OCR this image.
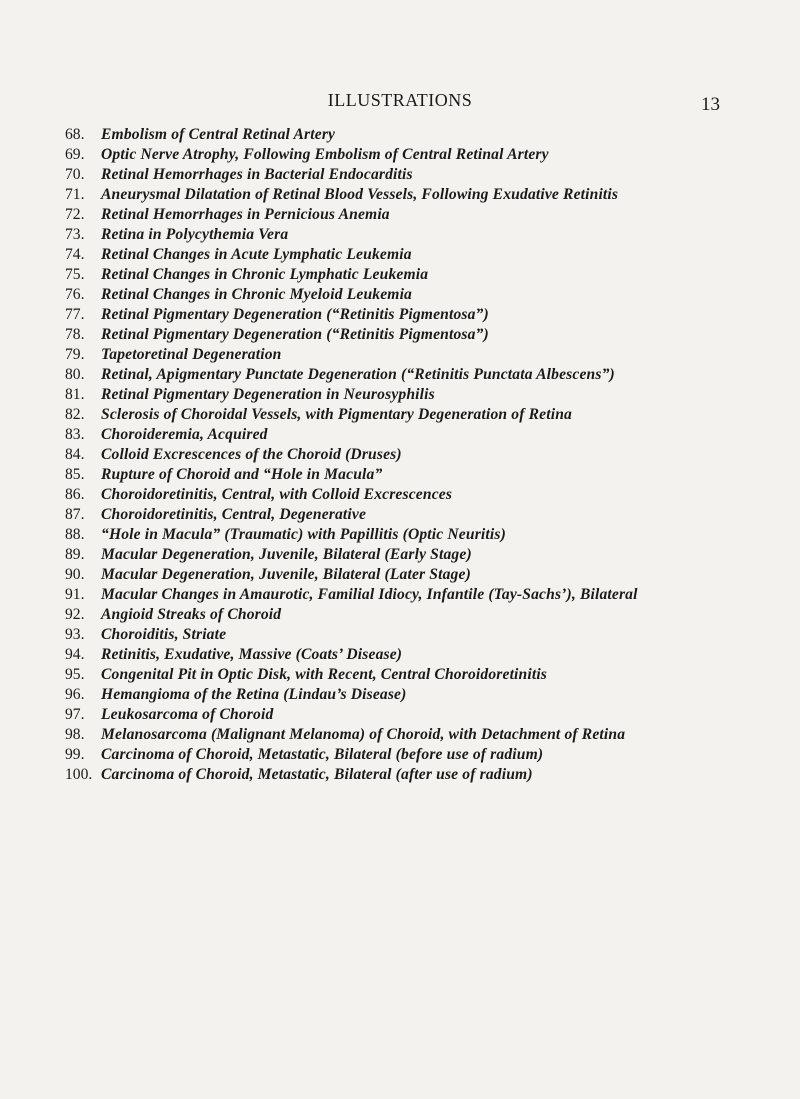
ILLUSTRATIONS	13
68. Embolism of Central Retinal Artery
69. Optic Nerve Atrophy, Following Embolism of Central Retinal Artery
70. Retinal Hemorrhages in Bacterial Endocarditis
71. Aneurysmal Dilatation of Retinal Blood Vessels, Following Exudative Retinitis
72. Retinal Hemorrhages in Pernicious Anemia
73. Retina in Polycythemia Vera
74. Retinal Changes in Acute Lymphatic Leukemia
75. Retinal Changes in Chronic Lymphatic Leukemia
76. Retinal Changes in Chronic Myeloid Leukemia
77. Retinal Pigmentary Degeneration (“Retinitis Pigmentosa”)
78. Retinal Pigmentary Degeneration (“Retinitis Pigmentosa”)
79. Tapetoretinal Degeneration
80. Retinal, Apigmentary Punctate Degeneration (“Retinitis Punctata Albescens”)
81. Retinal Pigmentary Degeneration in Neurosyphilis
82. Sclerosis of Choroidal Vessels, with Pigmentary Degeneration of Retina
83. Choroideremia, Acquired
84. Colloid Excrescences of the Choroid (Druses)
85. Rupture of Choroid and “Hole in Macula”
86. Choroidoretinitis, Central, with Colloid Excrescences
87. Choroidoretinitis, Central, Degenerative
88. “Hole in Macula” (Traumatic) with Papillitis (Optic Neuritis)
89. Macular Degeneration, Juvenile, Bilateral (Early Stage)
90. Macular Degeneration, Juvenile, Bilateral (Later Stage)
91. Macular Changes in Amaurotic, Familial Idiocy, Infantile (Tay-Sachs’), Bilateral
92. Angioid Streaks of Choroid
93. Choroiditis, Striate
94. Retinitis, Exudative, Massive (Coats’ Disease)
95. Congenital Pit in Optic Disk, with Recent, Central Choroidoretinitis
96. Hemangioma of the Retina (Lindau’s Disease)
97. Leukosarcoma of Choroid
98. Melanosarcoma (Malignant Melanoma) of Choroid, with Detachment of Retina
99. Carcinoma of Choroid, Metastatic, Bilateral (before use of radium)
100. Carcinoma of Choroid, Metastatic, Bilateral (after use of radium)
